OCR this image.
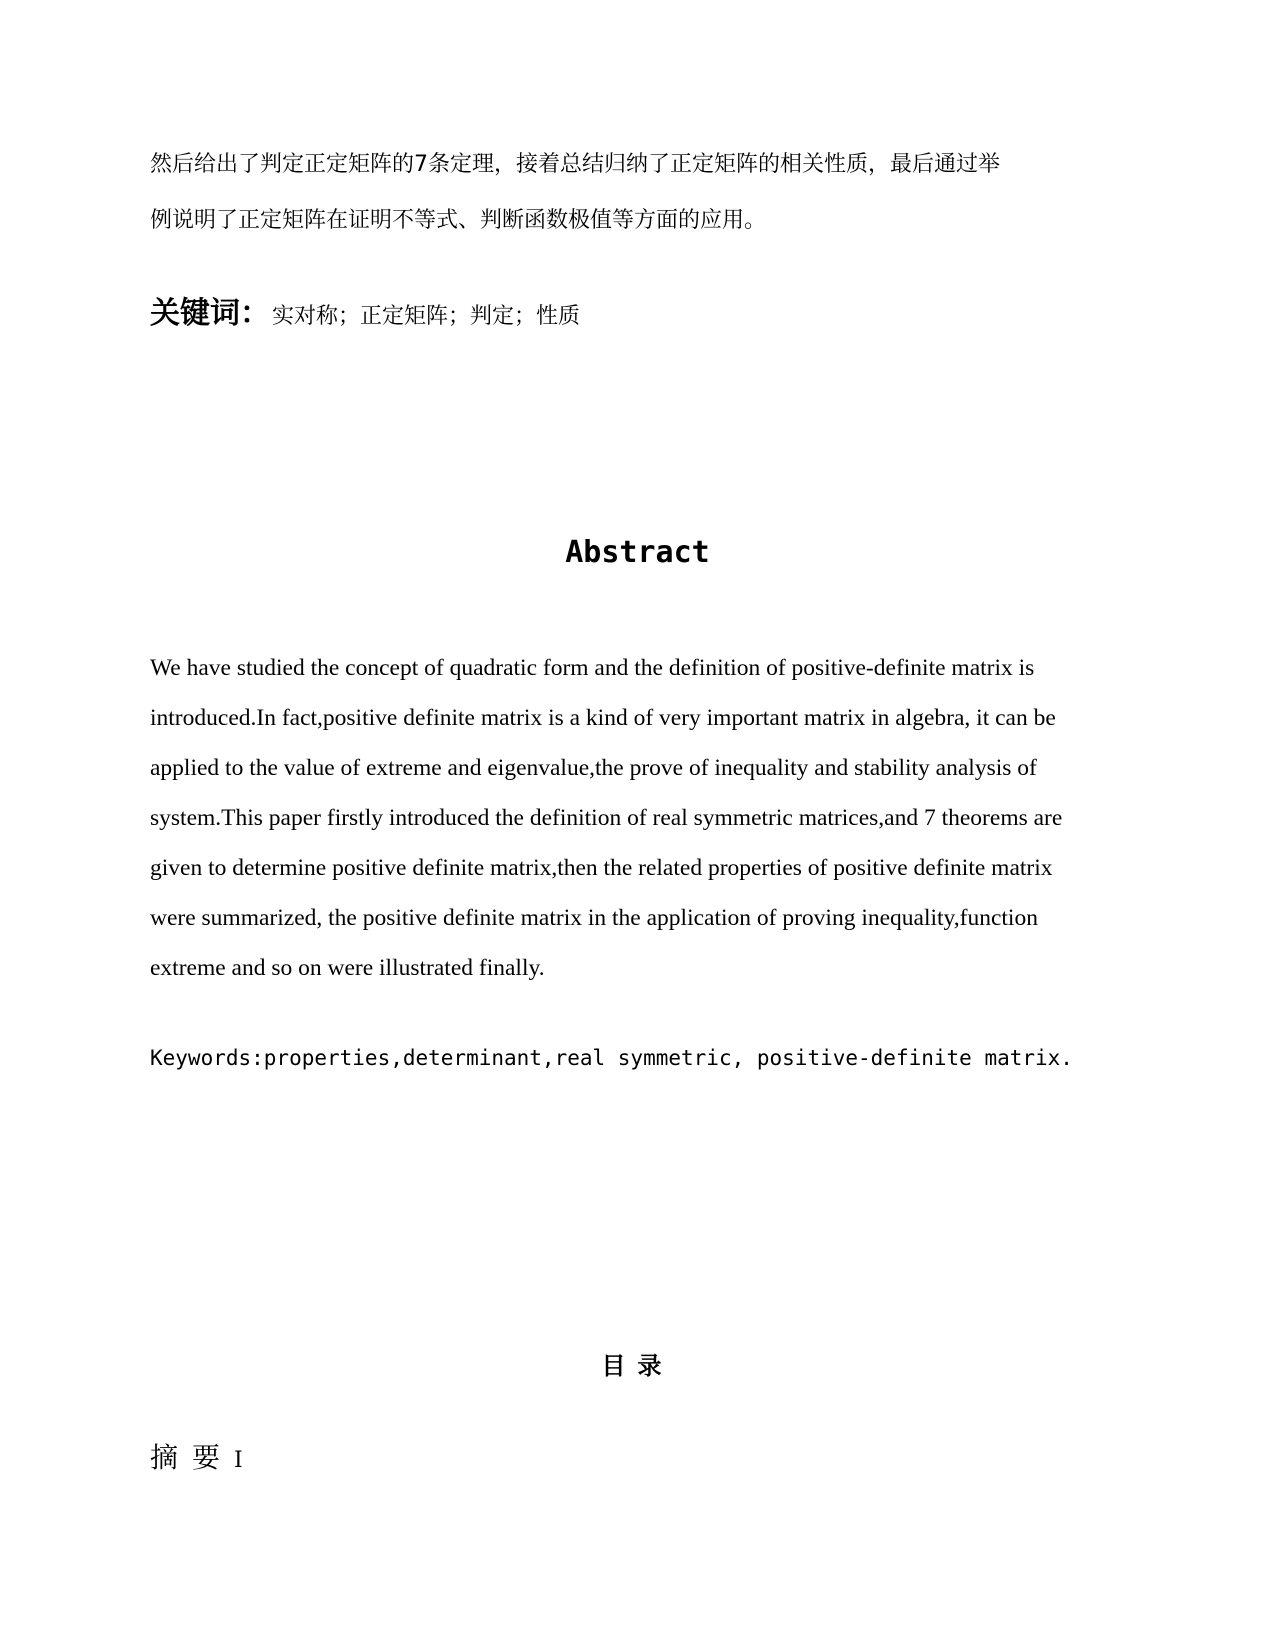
然后给出了判定正定矩阵的7条定理，接着总结归纳了正定矩阵的相关性质，最后通过举
例说明了正定矩阵在证明不等式、判断函数极值等方面的应用。

关键词：实对称；正定矩阵；判定；性质
Abstract

We have studied the concept of quadratic form and the definition of positive-definite matrix is
introduced.In fact,positive definite matrix is a kind of very important matrix in algebra, it can be
applied to the value of extreme and eigenvalue,the prove of inequality and stability analysis of
system.This paper firstly introduced the definition of real symmetric matrices,and 7 theorems are
given to determine positive definite matrix,then the related properties of positive definite matrix
were summarized, the positive definite matrix in the application of proving inequality,function
extreme and so on were illustrated finally.

Keywords:properties,determinant,real symmetric, positive-definite matrix.

目录
摘要I
